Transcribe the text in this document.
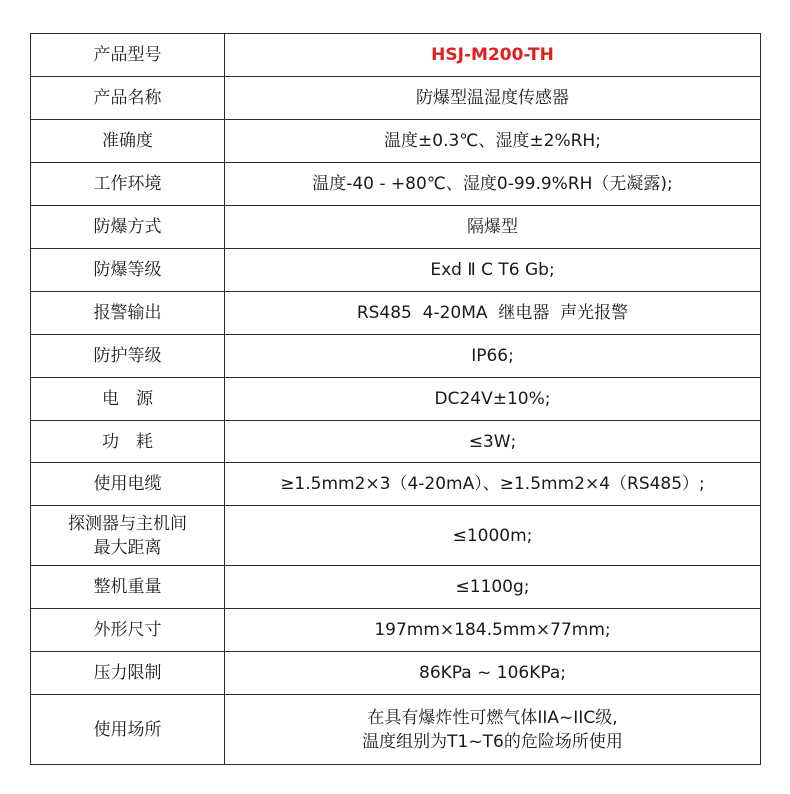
产品型号	HSJ-M200-TH
产品名称	防爆型温湿度传感器
准确度	温度±0.3℃、湿度±2%RH;
工作环境	温度-40 - +80℃、湿度0-99.9%RH（无凝露);
防爆方式	隔爆型
防爆等级	Exd Ⅱ C T6 Gb;
报警输出	RS485  4-20MA  继电器  声光报警
防护等级	IP66;
电　源	DC24V±10%;
功　耗	≤3W;
使用电缆	≥1.5mm2×3（4-20mA）、≥1.5mm2×4（RS485）;

探测器与主机间
最大距离	≤1000m;
整机重量	≤1100g;
外形尺寸	197mm×184.5mm×77mm;
压力限制	86KPa ~ 106KPa;
使用场所	在具有爆炸性可燃气体IIA~IIC级,
温度组别为T1~T6的危险场所使用
